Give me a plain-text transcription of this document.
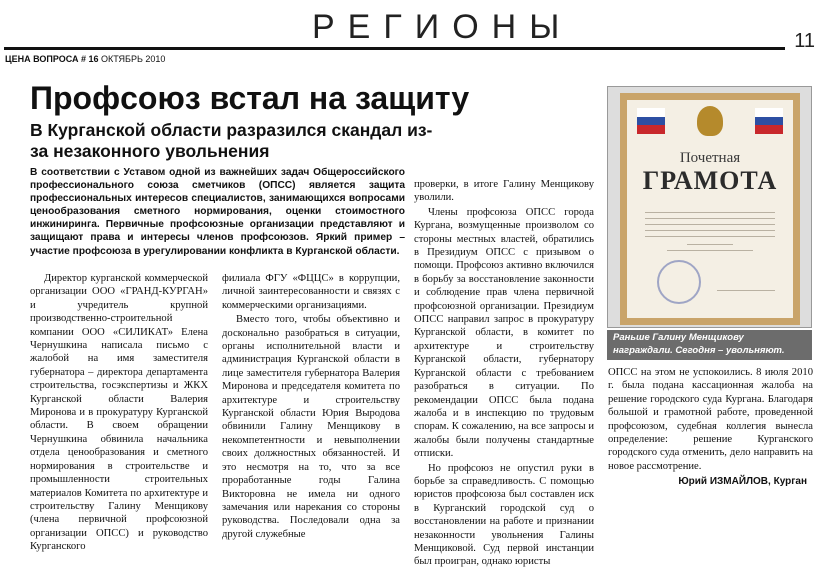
РЕГИОНЫ	11
ЦЕНА ВОПРОСА # 16 ОКТЯБРЬ 2010
Профсоюз встал на защиту
В Курганской области разразился скандал из-за незаконного увольнения
В соответствии с Уставом одной из важнейших задач Общероссийского профессионального союза сметчиков (ОПСС) является защита профессиональных интересов специалистов, занимающихся вопросами ценообразования сметного нормирования, оценки стоимостного инжиниринга. Первичные профсоюзные организации представляют и защищают права и интересы членов профсоюзов. Яркий пример – участие профсоюза в урегулировании конфликта в Курганской области.

Директор курганской коммерческой организации ООО «ГРАНД-КУРГАН» и учредитель крупной производственно-строительной компании ООО «СИЛИКАТ» Елена Чернушкина написала письмо с жалобой на имя заместителя губернатора – директора департамента строительства, госэкспертизы и ЖКХ Курганской области Валерия Миронова и в прокуратуру Курганской области. В своем обращении Чернушкина обвинила начальника отдела ценообразования и сметного нормирования в строительстве и промышленности строительных материалов Комитета по архитектуре и строительству Галину Менщикову (члена первичной профсоюзной организации ОПСС) и руководство Курганского

филиала ФГУ «ФЦЦС» в коррупции, личной заинтересованности и связях с коммерческими организациями.

Вместо того, чтобы объективно и досконально разобраться в ситуации, органы исполнительной власти и администрация Курганской области в лице заместителя губернатора Валерия Миронова и председателя комитета по архитектуре и строительству Курганской области Юрия Выродова обвинили Галину Менщикову в некомпетентности и невыполнении своих должностных обязанностей. И это несмотря на то, что за все проработанные годы Галина Викторовна не имела ни одного замечания или нарекания со стороны руководства. Последовали одна за другой служебные

проверки, в итоге Галину Менщикову уволили.

Члены профсоюза ОПСС города Кургана, возмущенные произволом со стороны местных властей, обратились в Президиум ОПСС с призывом о помощи. Профсоюз активно включился в борьбу за восстановление законности и соблюдение прав члена первичной профсоюзной организации. Президиум ОПСС направил запрос в прокуратуру Курганской области, в комитет по архитектуре и строительству Курганской области, губернатору Курганской области с требованием разобраться в ситуации. По рекомендации ОПСС была подана жалоба и в инспекцию по трудовым спорам. К сожалению, на все запросы и жалобы были получены стандартные отписки.

Но профсоюз не опустил руки в борьбе за справедливость. С помощью юристов профсоюза был составлен иск в Курганский городской суд о восстановлении на работе и признании незаконности увольнения Галины Менщиковой. Суд первой инстанции был проигран, однако юристы

Почетная
ГРАМОТА
Раньше Галину Менщикову награждали. Сегодня – увольняют.

ОПСС на этом не успокоились. 8 июля 2010 г. была подана кассационная жалоба на решение городского суда Кургана. Благодаря большой и грамотной работе, проведенной профсоюзом, судебная коллегия вынесла определение: решение Курганского городского суда отменить, дело направить на новое рассмотрение.

Юрий ИЗМАЙЛОВ, Курган
